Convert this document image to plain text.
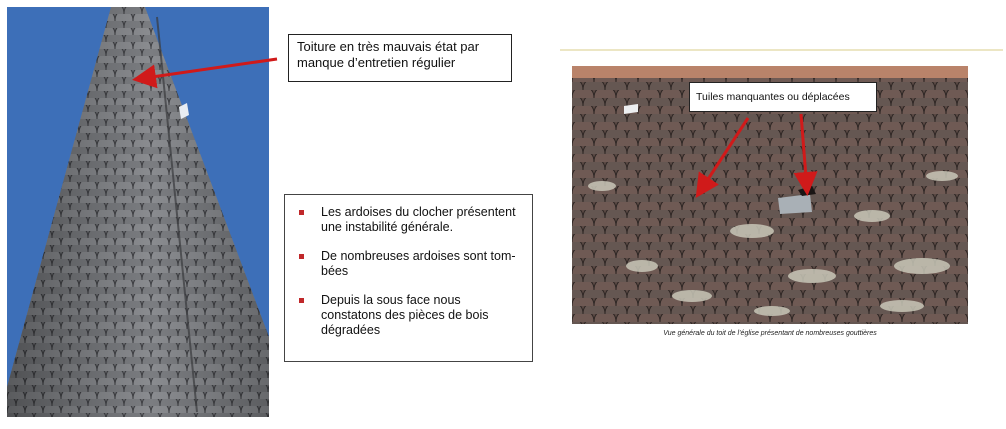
Toiture en très mauvais état par manque d’entretien régulier
Tuiles manquantes ou déplacées
Les ardoises du clocher présentent une instabilité générale.
De nombreuses ardoises sont tom-bées
Depuis la sous face nous constatons des pièces de bois dégradées	Vue générale du toit de l’église présentant de nombreuses gouttières
